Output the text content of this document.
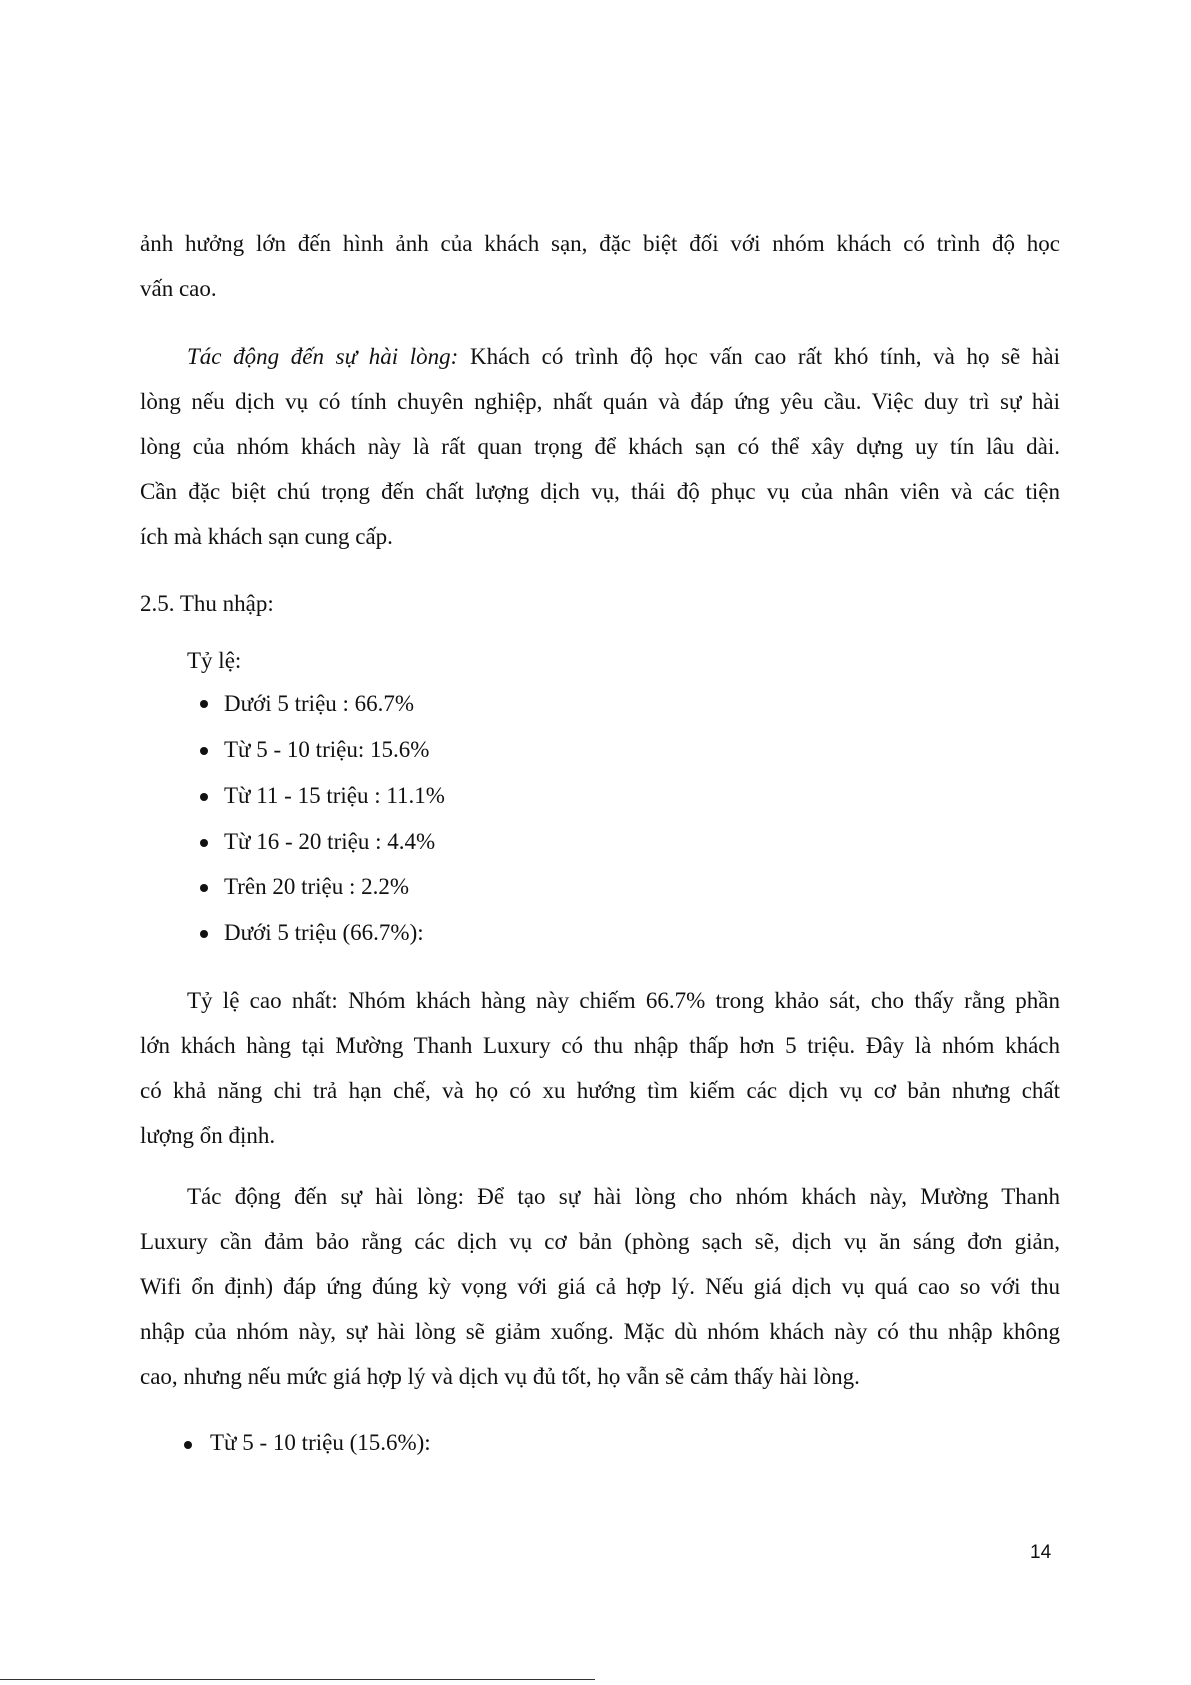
ảnh hưởng lớn đến hình ảnh của khách sạn, đặc biệt đối với nhóm khách có trình độ học
vấn cao.
Tác động đến sự hài lòng: Khách có trình độ học vấn cao rất khó tính, và họ sẽ hài
lòng nếu dịch vụ có tính chuyên nghiệp, nhất quán và đáp ứng yêu cầu. Việc duy trì sự hài
lòng của nhóm khách này là rất quan trọng để khách sạn có thể xây dựng uy tín lâu dài.
Cần đặc biệt chú trọng đến chất lượng dịch vụ, thái độ phục vụ của nhân viên và các tiện
ích mà khách sạn cung cấp.
2.5. Thu nhập:
Tỷ lệ:
Dưới 5 triệu : 66.7%
Từ 5 - 10 triệu: 15.6%
Từ 11 - 15 triệu : 11.1%
Từ 16 - 20 triệu : 4.4%
Trên 20 triệu : 2.2%
Dưới 5 triệu (66.7%):
Tỷ lệ cao nhất: Nhóm khách hàng này chiếm 66.7% trong khảo sát, cho thấy rằng phần
lớn khách hàng tại Mường Thanh Luxury có thu nhập thấp hơn 5 triệu. Đây là nhóm khách
có khả năng chi trả hạn chế, và họ có xu hướng tìm kiếm các dịch vụ cơ bản nhưng chất
lượng ổn định.
Tác động đến sự hài lòng: Để tạo sự hài lòng cho nhóm khách này, Mường Thanh
Luxury cần đảm bảo rằng các dịch vụ cơ bản (phòng sạch sẽ, dịch vụ ăn sáng đơn giản,
Wifi ổn định) đáp ứng đúng kỳ vọng với giá cả hợp lý. Nếu giá dịch vụ quá cao so với thu
nhập của nhóm này, sự hài lòng sẽ giảm xuống. Mặc dù nhóm khách này có thu nhập không
cao, nhưng nếu mức giá hợp lý và dịch vụ đủ tốt, họ vẫn sẽ cảm thấy hài lòng.
Từ 5 - 10 triệu (15.6%):
14
